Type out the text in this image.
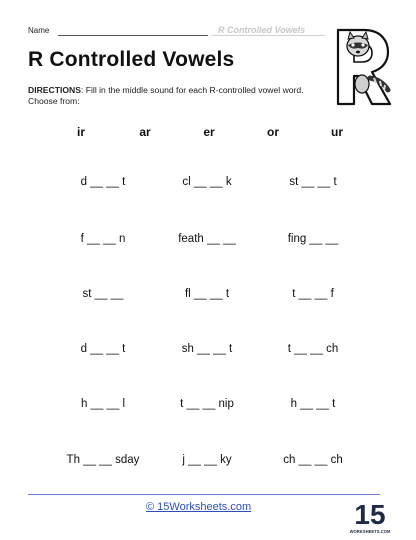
Name	R Controlled Vowels
R Controlled Vowels
DIRECTIONS: Fill in the middle sound for each R-controlled vowel word. Choose from:
ir	ar	er	or	ur
d __ __ t	cl __ __ k	st __ __ t
f __ __ n	feath __ __	fing __ __
st __ __	fl __ __ t	t __ __ f
d __ __ t	sh __ __ t	t __ __ ch
h __ __ l	t __ __ nip	h __ __ t
Th __ __ sday	j __ __ ky	ch __ __ ch
© 15Worksheets.com	15
WORKSHEETS.COM
